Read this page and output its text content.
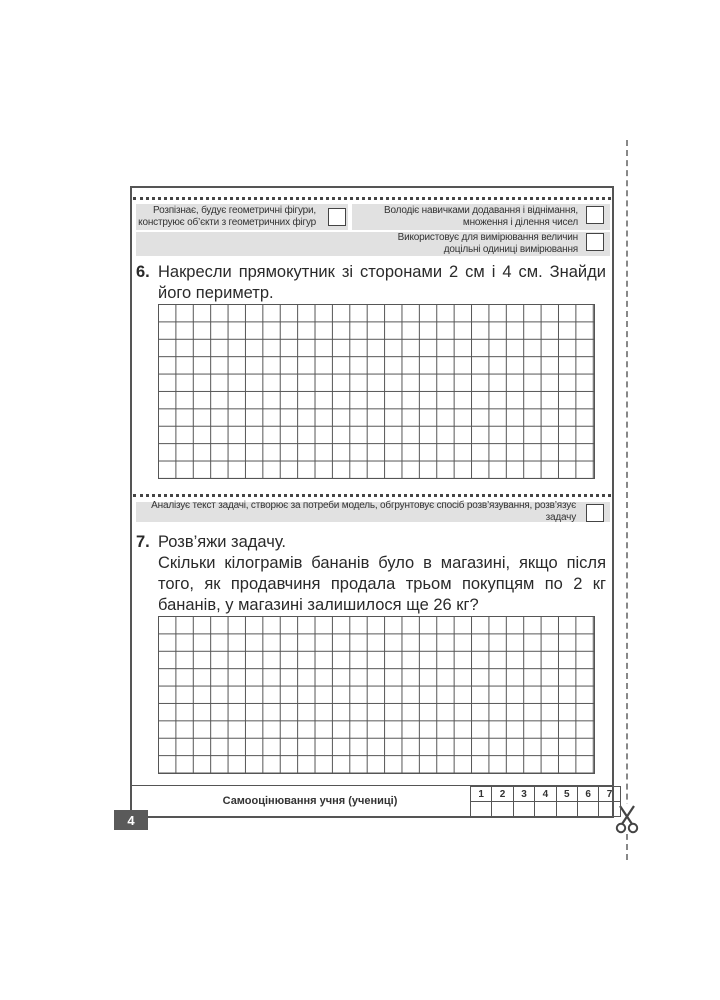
Розпізнає, будує геометричні фігури,
конструює об’єкти з геометричних фігур
Володіє навичками додавання і віднімання,
множення і ділення чисел
Використовує для вимірювання величин
доцільні одиниці вимірювання
6. Накресли прямокутник зі сторонами 2 см і 4 см. Знайди його периметр.
Аналізує текст задачі, створює за потреби модель, обгрунтовує спосіб розв’язування, розв’язує задачу
7. Розв’яжи задачу.
Скільки кілограмів бананів було в магазині, якщо після того, як продавчиня продала трьом покупцям по 2 кг бананів, у магазині залишилося ще 26 кг?
Самооцінювання учня (учениці)
1	2	3	4	5	6	7

4
